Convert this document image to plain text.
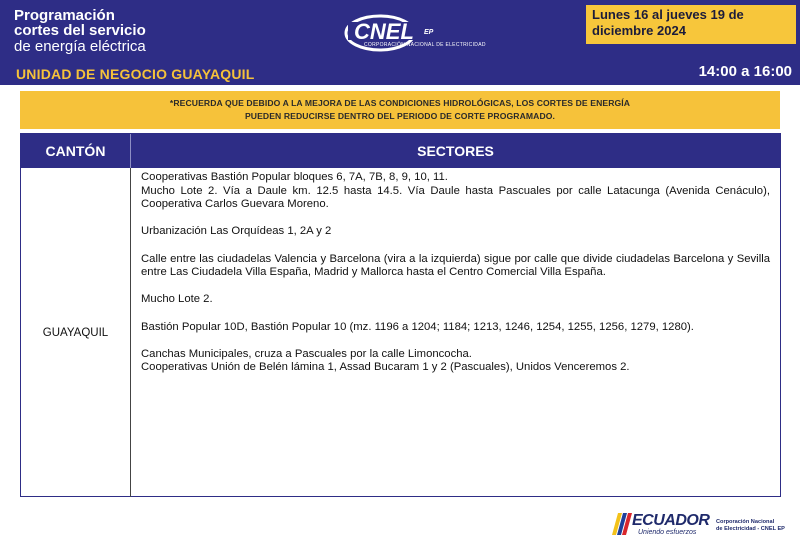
Programación
cortes del servicio
de energía eléctrica
CNEL EP
CORPORACIÓN NACIONAL DE ELECTRICIDAD
UNIDAD DE NEGOCIO GUAYAQUIL
Lunes 16 al jueves 19 de diciembre 2024
14:00 a 16:00
*RECUERDA QUE DEBIDO A LA MEJORA DE LAS CONDICIONES HIDROLÓGICAS, LOS CORTES DE ENERGÍA
PUEDEN REDUCIRSE DENTRO DEL PERIODO DE CORTE PROGRAMADO.
CANTÓN	SECTORES
GUAYAQUIL

Cooperativas Bastión Popular bloques 6, 7A, 7B, 8, 9, 10, 11.

Mucho Lote 2. Vía a Daule km. 12.5 hasta 14.5. Vía Daule hasta Pascuales por calle Latacunga (Avenida Cenáculo), Cooperativa Carlos Guevara Moreno.

Urbanización Las Orquídeas 1, 2A y 2

Calle entre las ciudadelas Valencia y Barcelona (vira a la izquierda) sigue por calle que divide ciudadelas Barcelona y Sevilla entre Las Ciudadela Villa España, Madrid y Mallorca hasta el Centro Comercial Villa España.

Mucho Lote 2.

Bastión Popular 10D, Bastión Popular 10 (mz. 1196 a 1204; 1184; 1213, 1246, 1254, 1255, 1256, 1279, 1280).

Canchas Municipales, cruza a Pascuales por la calle Limoncocha.

Cooperativas Unión de Belén lámina 1, Assad Bucaram 1 y 2 (Pascuales), Unidos Venceremos 2.

ECUADOR
Uniendo esfuerzos
Corporación Nacional
de Electricidad - CNEL EP
